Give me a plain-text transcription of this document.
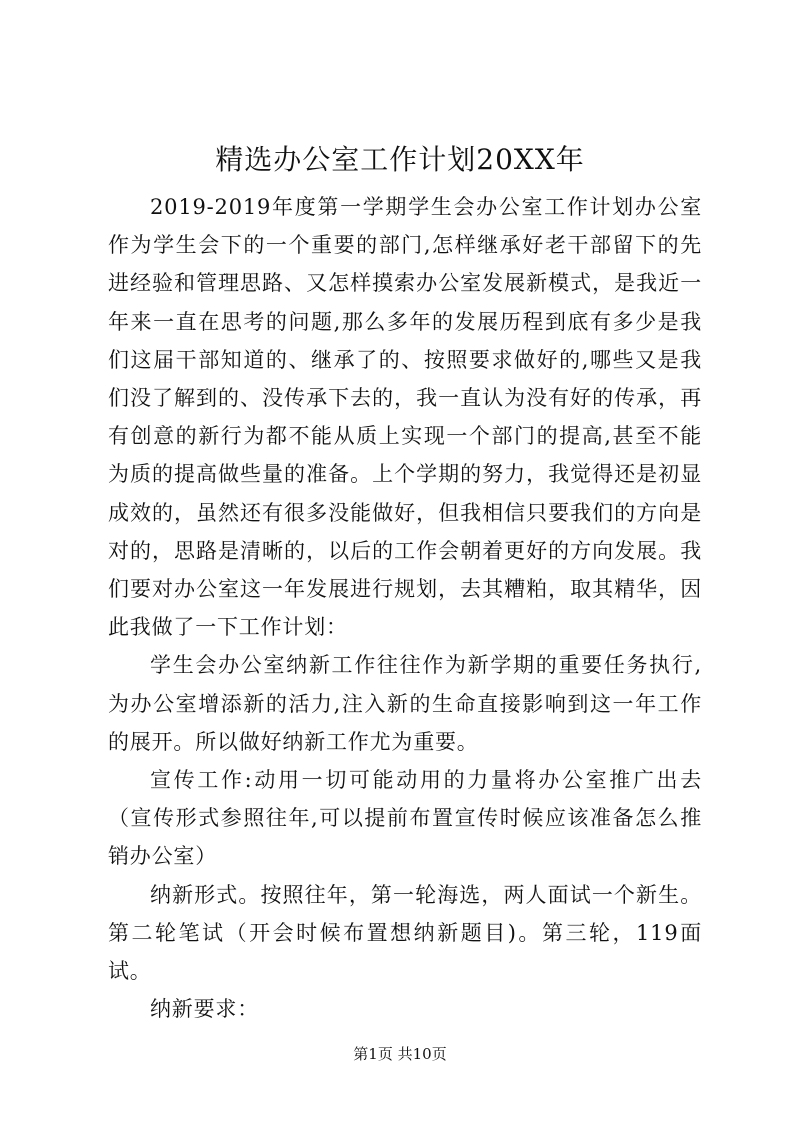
精选办公室工作计划20XX年

2019-2019年度第一学期学生会办公室工作计划办公室作为学生会下的一个重要的部门,怎样继承好老干部留下的先进经验和管理思路、又怎样摸索办公室发展新模式，是我近一年来一直在思考的问题,那么多年的发展历程到底有多少是我们这届干部知道的、继承了的、按照要求做好的,哪些又是我们没了解到的、没传承下去的，我一直认为没有好的传承，再有创意的新行为都不能从质上实现一个部门的提高,甚至不能为质的提高做些量的准备。上个学期的努力，我觉得还是初显成效的，虽然还有很多没能做好，但我相信只要我们的方向是对的，思路是清晰的，以后的工作会朝着更好的方向发展。我们要对办公室这一年发展进行规划，去其糟粕，取其精华，因此我做了一下工作计划：

学生会办公室纳新工作往往作为新学期的重要任务执行,为办公室增添新的活力,注入新的生命直接影响到这一年工作的展开。所以做好纳新工作尤为重要。

宣传工作:动用一切可能动用的力量将办公室推广出去（宣传形式参照往年,可以提前布置宣传时候应该准备怎么推销办公室）

纳新形式。按照往年，第一轮海选，两人面试一个新生。第二轮笔试（开会时候布置想纳新题目)。第三轮，119面试。

纳新要求：

第1页 共10页
